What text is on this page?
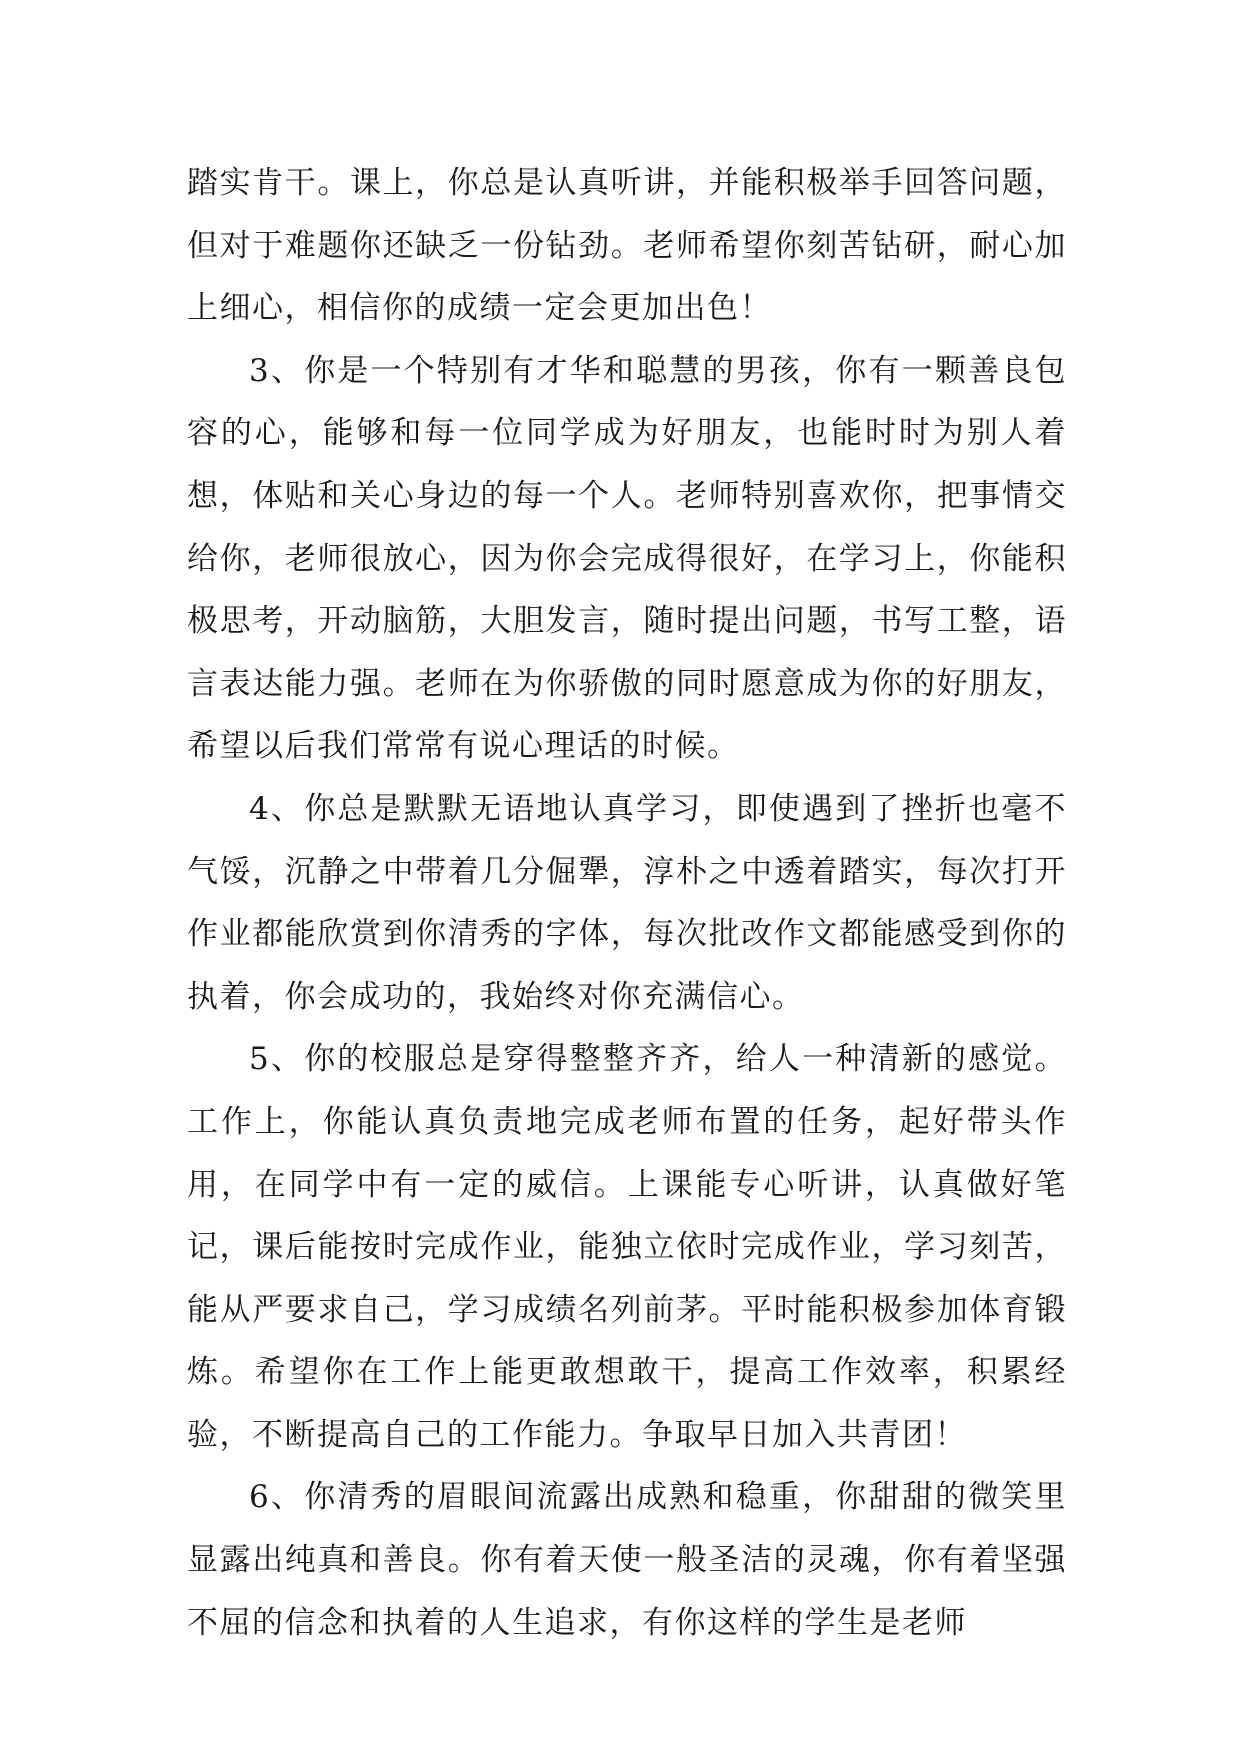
踏实肯干。课上，你总是认真听讲，并能积极举手回答问题，但对于难题你还缺乏一份钻劲。老师希望你刻苦钻研，耐心加上细心，相信你的成绩一定会更加出色！

3、你是一个特别有才华和聪慧的男孩，你有一颗善良包容的心，能够和每一位同学成为好朋友，也能时时为别人着想，体贴和关心身边的每一个人。老师特别喜欢你，把事情交给你，老师很放心，因为你会完成得很好，在学习上，你能积极思考，开动脑筋，大胆发言，随时提出问题，书写工整，语言表达能力强。老师在为你骄傲的同时愿意成为你的好朋友，希望以后我们常常有说心理话的时候。

4、你总是默默无语地认真学习，即使遇到了挫折也毫不气馁，沉静之中带着几分倔犟，淳朴之中透着踏实，每次打开作业都能欣赏到你清秀的字体，每次批改作文都能感受到你的执着，你会成功的，我始终对你充满信心。

5、你的校服总是穿得整整齐齐，给人一种清新的感觉。工作上，你能认真负责地完成老师布置的任务，起好带头作用，在同学中有一定的威信。上课能专心听讲，认真做好笔记，课后能按时完成作业，能独立依时完成作业，学习刻苦，能从严要求自己，学习成绩名列前茅。平时能积极参加体育锻炼。希望你在工作上能更敢想敢干，提高工作效率，积累经验，不断提高自己的工作能力。争取早日加入共青团！

6、你清秀的眉眼间流露出成熟和稳重，你甜甜的微笑里显露出纯真和善良。你有着天使一般圣洁的灵魂，你有着坚强不屈的信念和执着的人生追求，有你这样的学生是老师
